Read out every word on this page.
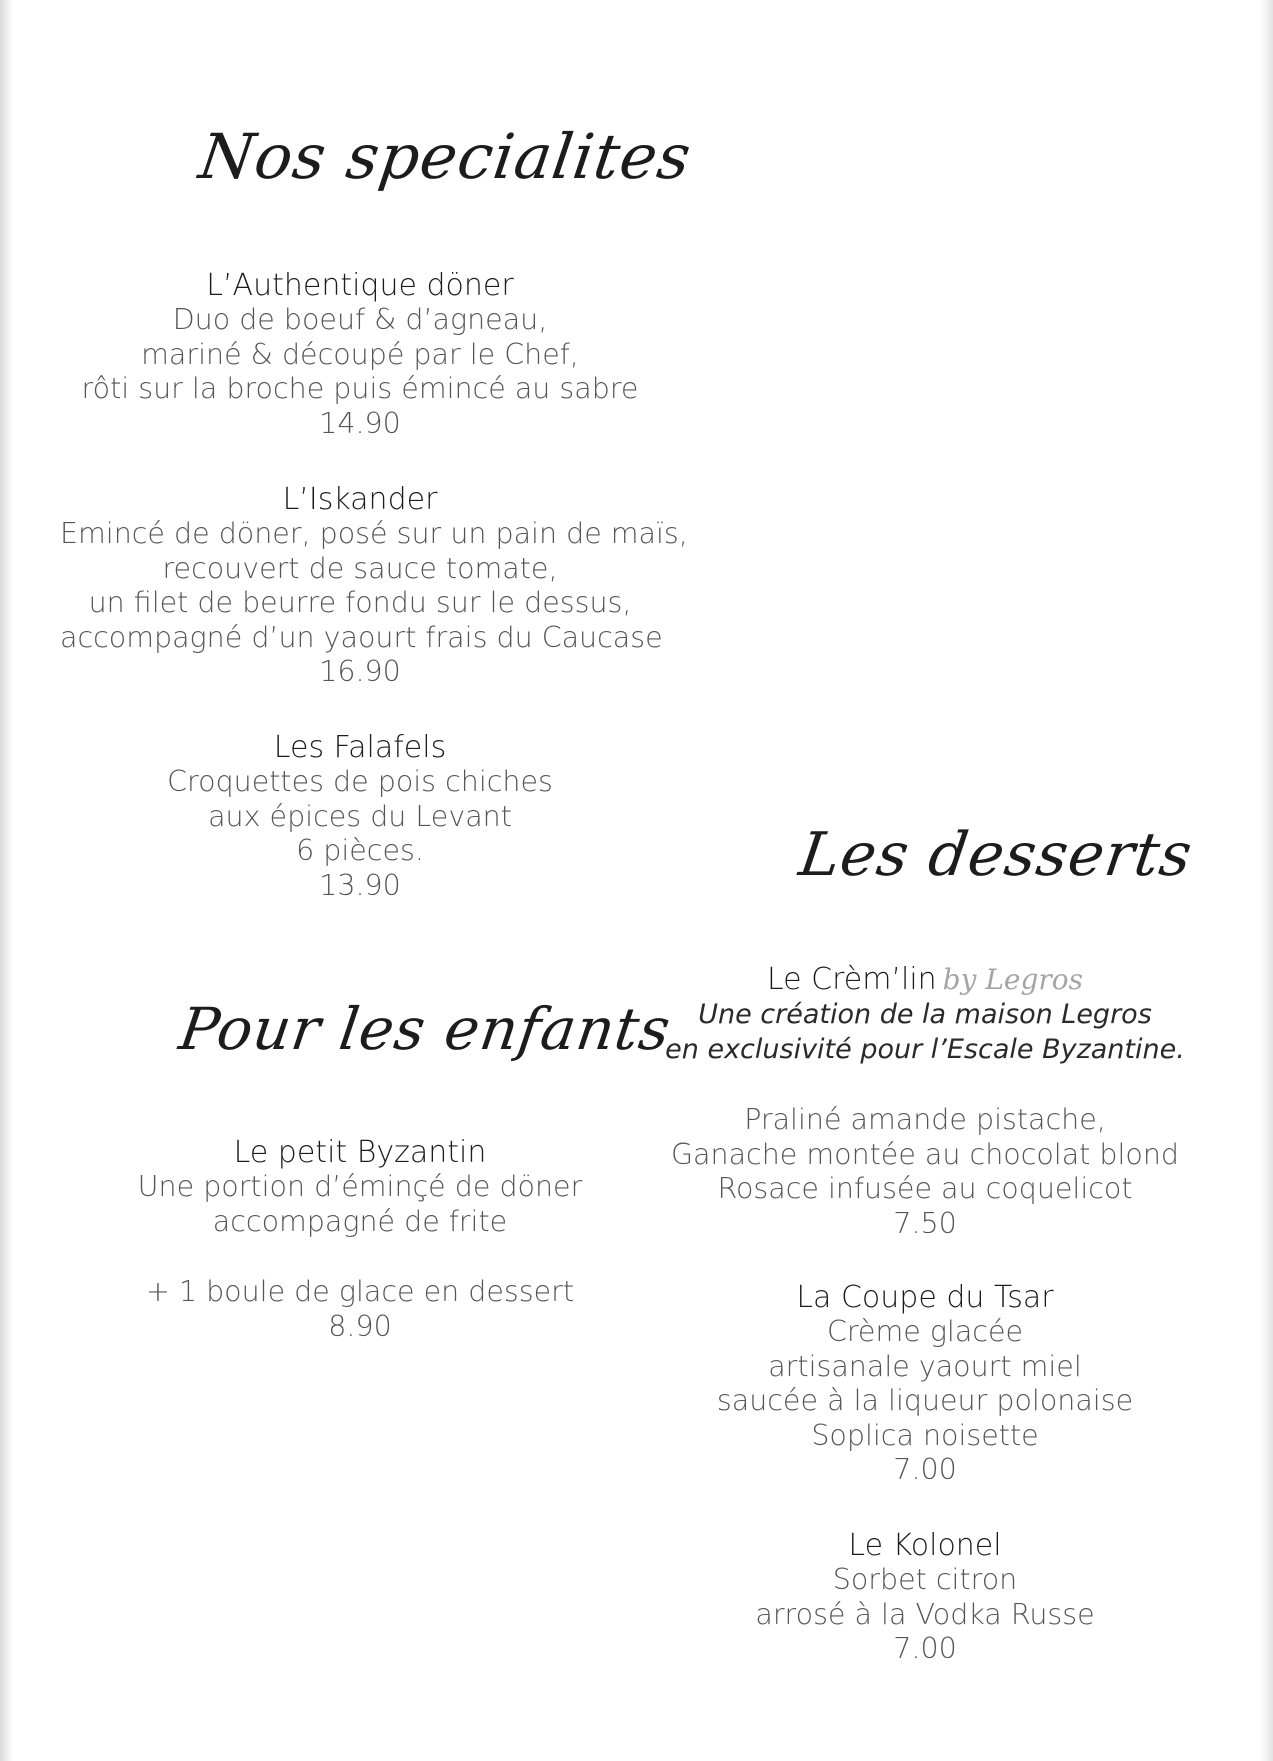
Nos specialites
Pour les enfants
Les desserts
L’Authentique döner
Duo de boeuf & d’agneau,
mariné & découpé par le Chef,
rôti sur la broche puis émincé au sabre
14.90
L’Iskander
Emincé de döner, posé sur un pain de maïs,
recouvert de sauce tomate,
un filet de beurre fondu sur le dessus,
accompagné d’un yaourt frais du Caucase
16.90
Les Falafels
Croquettes de pois chiches
aux épices du Levant
6 pièces.
13.90
Le petit Byzantin
Une portion d’éminçé de döner
accompagné de frite
+ 1 boule de glace en dessert
8.90
Le Crèm’lin by Legros
Une création de la maison Legros
en exclusivité pour l’Escale Byzantine.
Praliné amande pistache,
Ganache montée au chocolat blond
Rosace infusée au coquelicot
7.50
La Coupe du Tsar
Crème glacée
artisanale yaourt miel
saucée à la liqueur polonaise
Soplica noisette
7.00
Le Kolonel
Sorbet citron
arrosé à la Vodka Russe
7.00
